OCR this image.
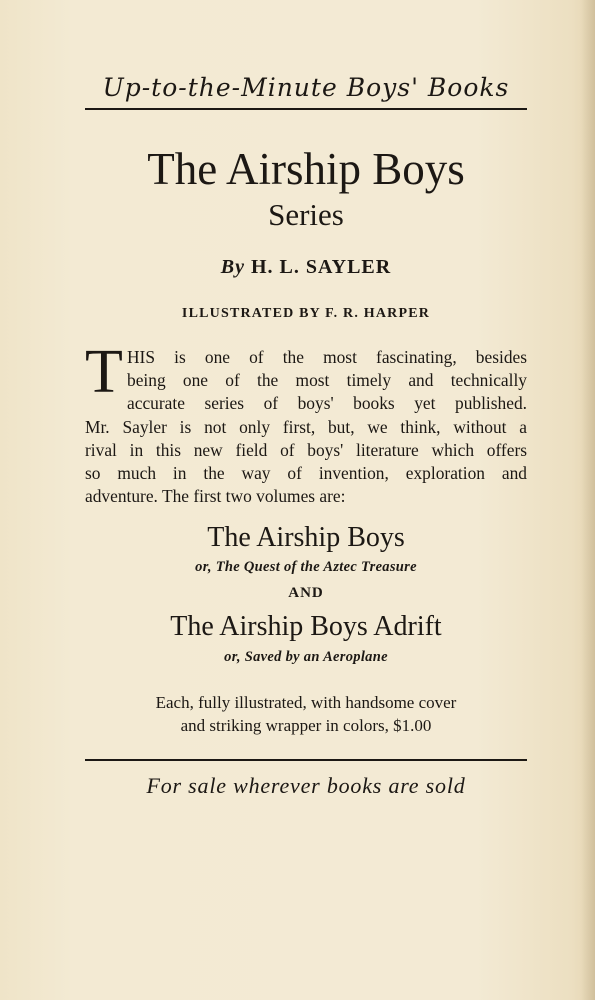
Up-to-the-Minute Boys' Books
The Airship Boys
Series
By H. L. SAYLER
ILLUSTRATED BY F. R. HARPER
T HIS is one of the most fascinating, besides
being one of the most timely and technically
accurate series of boys' books yet published.
Mr. Sayler is not only first, but, we think, without a
rival in this new field of boys' literature which offers
so much in the way of invention, exploration and
adventure. The first two volumes are:
The Airship Boys
or, The Quest of the Aztec Treasure
AND
The Airship Boys Adrift
or, Saved by an Aeroplane
Each, fully illustrated, with handsome cover
and striking wrapper in colors, $1.00
For sale wherever books are sold
